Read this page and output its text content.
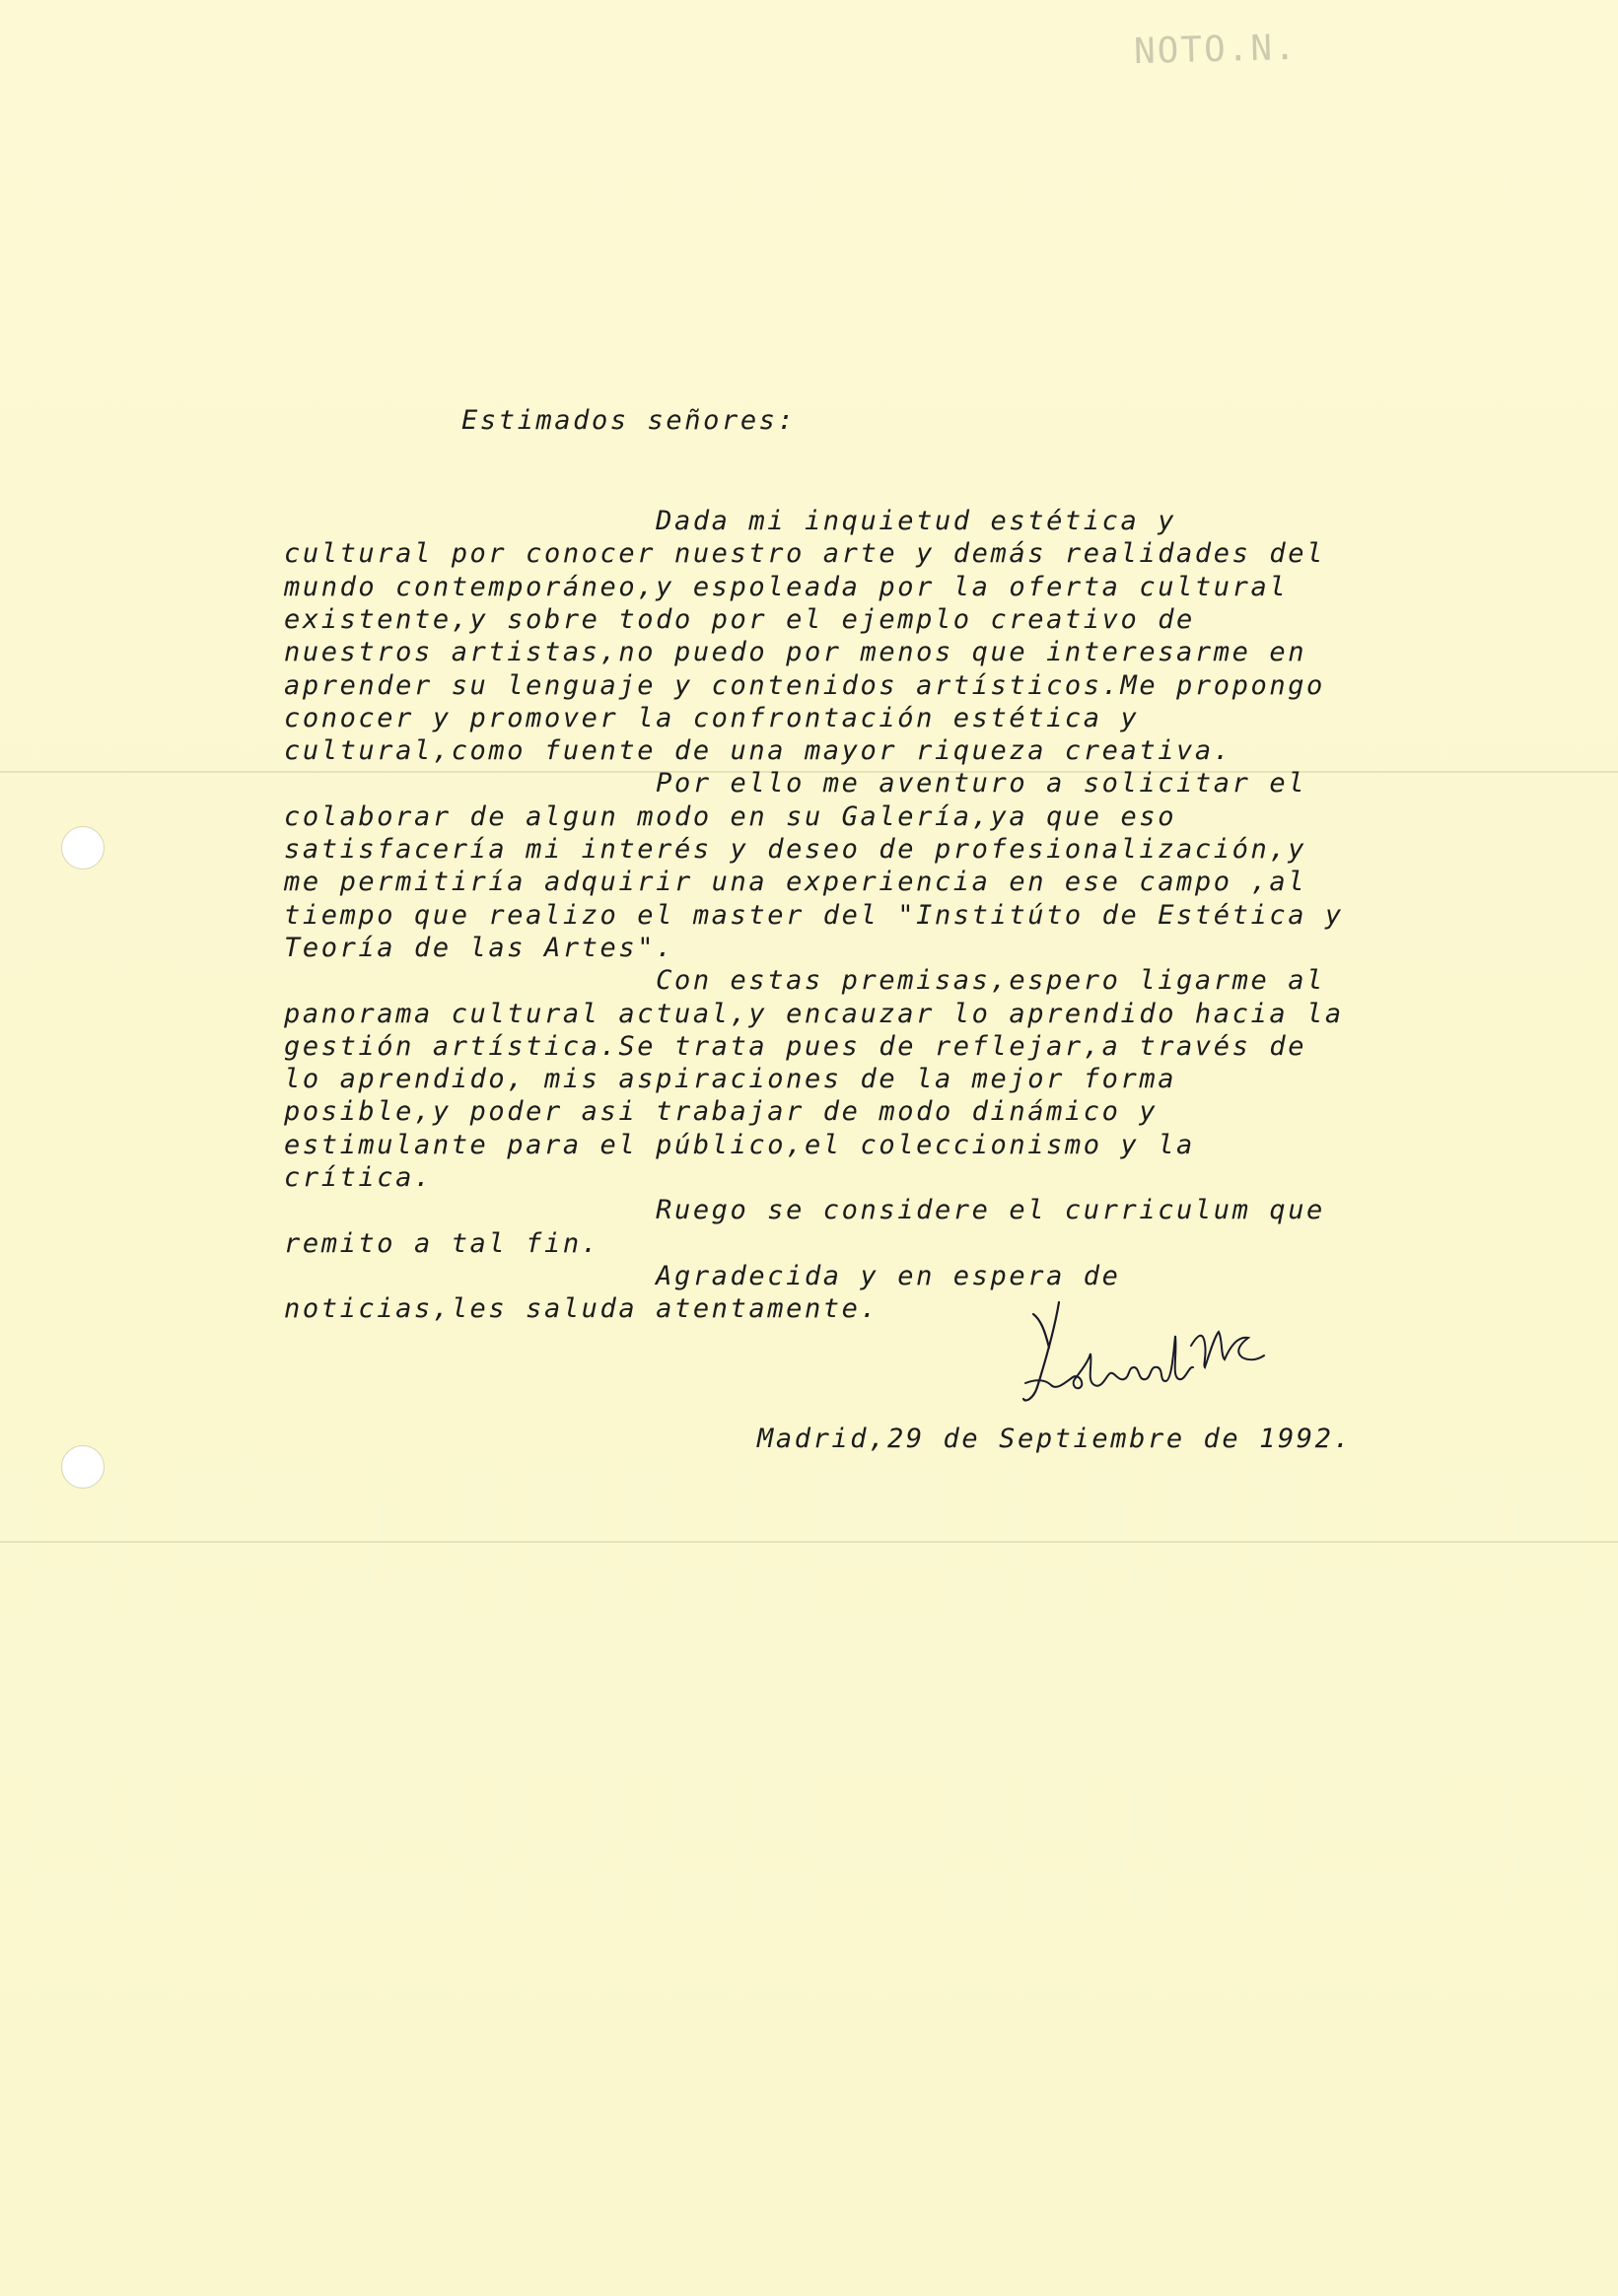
NOTO.N.
Estimados señores:
Dada mi inquietud estética y
cultural por conocer nuestro arte y demás realidades del
mundo contemporáneo,y espoleada por la oferta cultural
existente,y sobre todo por el ejemplo creativo de
nuestros artistas,no puedo por menos que interesarme en
aprender su lenguaje y contenidos artísticos.Me propongo
conocer y promover la confrontación estética y
cultural,como fuente de una mayor riqueza creativa.
Por ello me aventuro a solicitar el
colaborar de algun modo en su Galería,ya que eso
satisfacería mi interés y deseo de profesionalización,y
me permitiría adquirir una experiencia en ese campo ,al
tiempo que realizo el master del "Institúto de Estética y
Teoría de las Artes".
Con estas premisas,espero ligarme al
panorama cultural actual,y encauzar lo aprendido hacia la
gestión artística.Se trata pues de reflejar,a través de
lo aprendido, mis aspiraciones de la mejor forma
posible,y poder asi trabajar de modo dinámico y
estimulante para el público,el coleccionismo y la
crítica.
Ruego se considere el curriculum que
remito a tal fin.
Agradecida y en espera de
noticias,les saluda atentamente.
Madrid,29 de Septiembre de 1992.
